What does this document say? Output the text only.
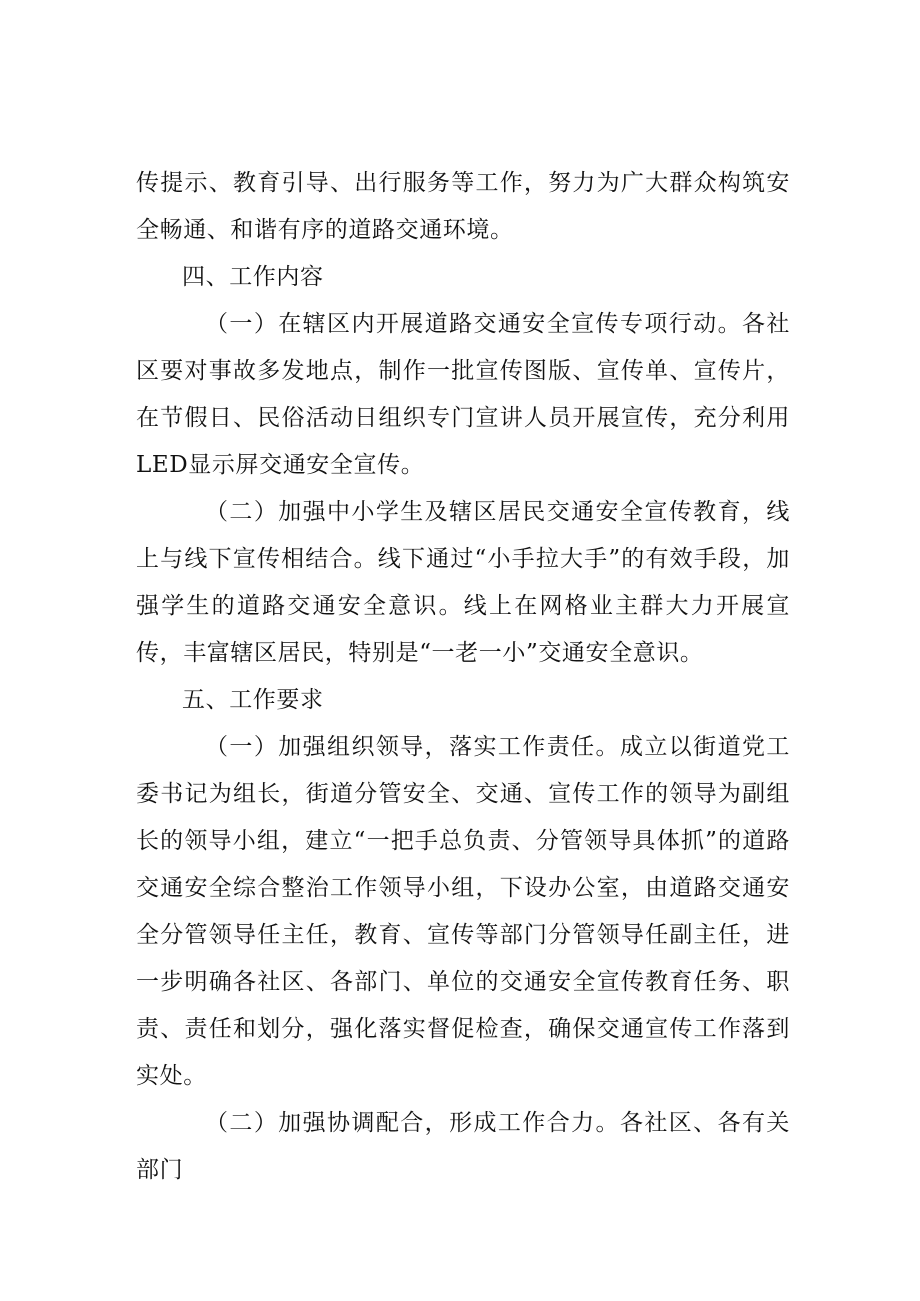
传提示、教育引导、出行服务等工作，努力为广大群众构筑安全畅通、和谐有序的道路交通环境。

四、工作内容

（一）在辖区内开展道路交通安全宣传专项行动。各社区要对事故多发地点，制作一批宣传图版、宣传单、宣传片，在节假日、民俗活动日组织专门宣讲人员开展宣传，充分利用LED显示屏交通安全宣传。

（二）加强中小学生及辖区居民交通安全宣传教育，线上与线下宣传相结合。线下通过“小手拉大手”的有效手段，加强学生的道路交通安全意识。线上在网格业主群大力开展宣传，丰富辖区居民，特别是“一老一小”交通安全意识。

五、工作要求

（一）加强组织领导，落实工作责任。成立以街道党工委书记为组长，街道分管安全、交通、宣传工作的领导为副组长的领导小组，建立“一把手总负责、分管领导具体抓”的道路交通安全综合整治工作领导小组，下设办公室，由道路交通安全分管领导任主任，教育、宣传等部门分管领导任副主任，进一步明确各社区、各部门、单位的交通安全宣传教育任务、职责、责任和划分，强化落实督促检查，确保交通宣传工作落到实处。

（二）加强协调配合，形成工作合力。各社区、各有关部门
